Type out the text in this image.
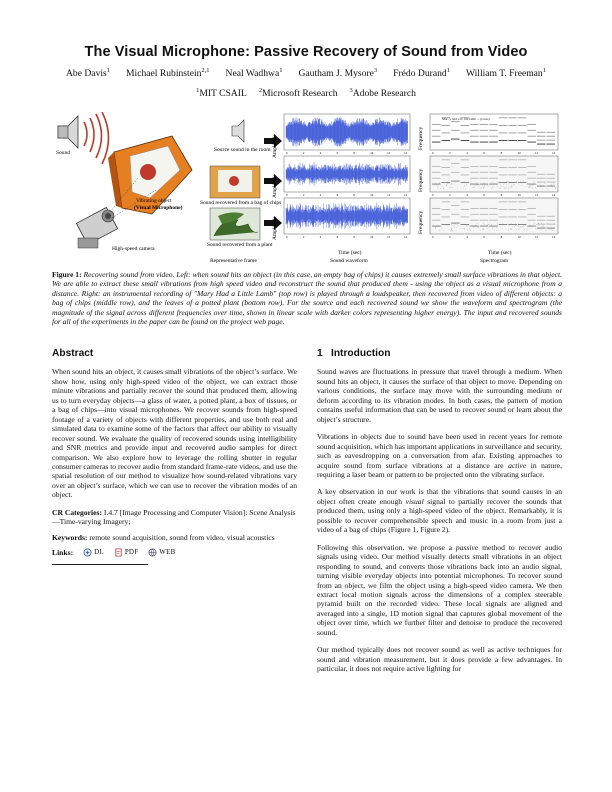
The Visual Microphone: Passive Recovery of Sound from Video
Abe Davis$^1$ Michael Rubinstein$^{2,1}$ Neal Wadhwa$^1$ Gautham J. Mysore$^3$ Frédo Durand$^1$ William T. Freeman$^1$
$^1$MIT CSAIL $^2$Microsoft Research $^3$Adobe Research
Sound
Vibrating object
(Visual Microphone)
High-speed camera
Source sound in the room
Sound recovered from a bag of chips
Sound recovered from a plant
Representative frame
0	2	4	6	8	10	12	14
0	2	4	6	8	10	12	14
0	2	4	6	8	10	12	14
0	2	4	6	8	10	12	14
0	2	4	6	8	10	12	14
0	2	4	6	8	10	12	14
Amplitude
Amplitude
Amplitude
Frequency
Frequency
Frequency
Time (sec)	Time (sec)
Sound waveform	Spectrogram
Mar- y had a li- ttle lamb ... (tones)
Figure 1: Recovering sound from video. Left: when sound hits an object (in this case, an empty bag of chips) it causes extremely small surface vibrations in that object. We are able to extract these small vibrations from high speed video and reconstruct the sound that produced them - using the object as a visual microphone from a distance. Right: an instrumental recording of "Mary Had a Little Lamb" (top row) is played through a loudspeaker, then recovered from video of different objects: a bag of chips (middle row), and the leaves of a potted plant (bottom row). For the source and each recovered sound we show the waveform and spectrogram (the magnitude of the signal across different frequencies over time, shown in linear scale with darker colors representing higher energy). The input and recovered sounds for all of the experiments in the paper can be found on the project web page.
Abstract

When sound hits an object, it causes small vibrations of the object’s surface. We show how, using only high-speed video of the object, we can extract those minute vibrations and partially recover the sound that produced them, allowing us to turn everyday objects—a glass of water, a potted plant, a box of tissues, or a bag of chips—into visual microphones. We recover sounds from high-speed footage of a variety of objects with different properties, and use both real and simulated data to examine some of the factors that affect our ability to visually recover sound. We evaluate the quality of recovered sounds using intelligibility and SNR metrics and provide input and recovered audio samples for direct comparison. We also explore how to leverage the rolling shutter in regular consumer cameras to recover audio from standard frame-rate videos, and use the spatial resolution of our method to visualize how sound-related vibrations vary over an object’s surface, which we can use to recover the vibration modes of an object.

CR Categories: I.4.7 [Image Processing and Computer Vision]: Scene Analysis—Time-varying Imagery;

Keywords: remote sound acquisition, sound from video, visual acoustics

Links:	DL	PDF	WEB
1 Introduction

Sound waves are fluctuations in pressure that travel through a medium. When sound hits an object, it causes the surface of that object to move. Depending on various conditions, the surface may move with the surrounding medium or deform according to its vibration modes. In both cases, the pattern of motion contains useful information that can be used to recover sound or learn about the object’s structure.

Vibrations in objects due to sound have been used in recent years for remote sound acquisition, which has important applications in surveillance and security, such as eavesdropping on a conversation from afar. Existing approaches to acquire sound from surface vibrations at a distance are active in nature, requiring a laser beam or pattern to be projected onto the vibrating surface.

A key observation in our work is that the vibrations that sound causes in an object often create enough visual signal to partially recover the sounds that produced them, using only a high-speed video of the object. Remarkably, it is possible to recover comprehensible speech and music in a room from just a video of a bag of chips (Figure 1, Figure 2).

Following this observation, we propose a passive method to recover audio signals using video. Our method visually detects small vibrations in an object responding to sound, and converts those vibrations back into an audio signal, turning visible everyday objects into potential microphones. To recover sound from an object, we film the object using a high-speed video camera. We then extract local motion signals across the dimensions of a complex steerable pyramid built on the recorded video. These local signals are aligned and averaged into a single, 1D motion signal that captures global movement of the object over time, which we further filter and denoise to produce the recovered sound.

Our method typically does not recover sound as well as active techniques for sound and vibration measurement, but it does provide a few advantages. In particular, it does not require active lighting for
